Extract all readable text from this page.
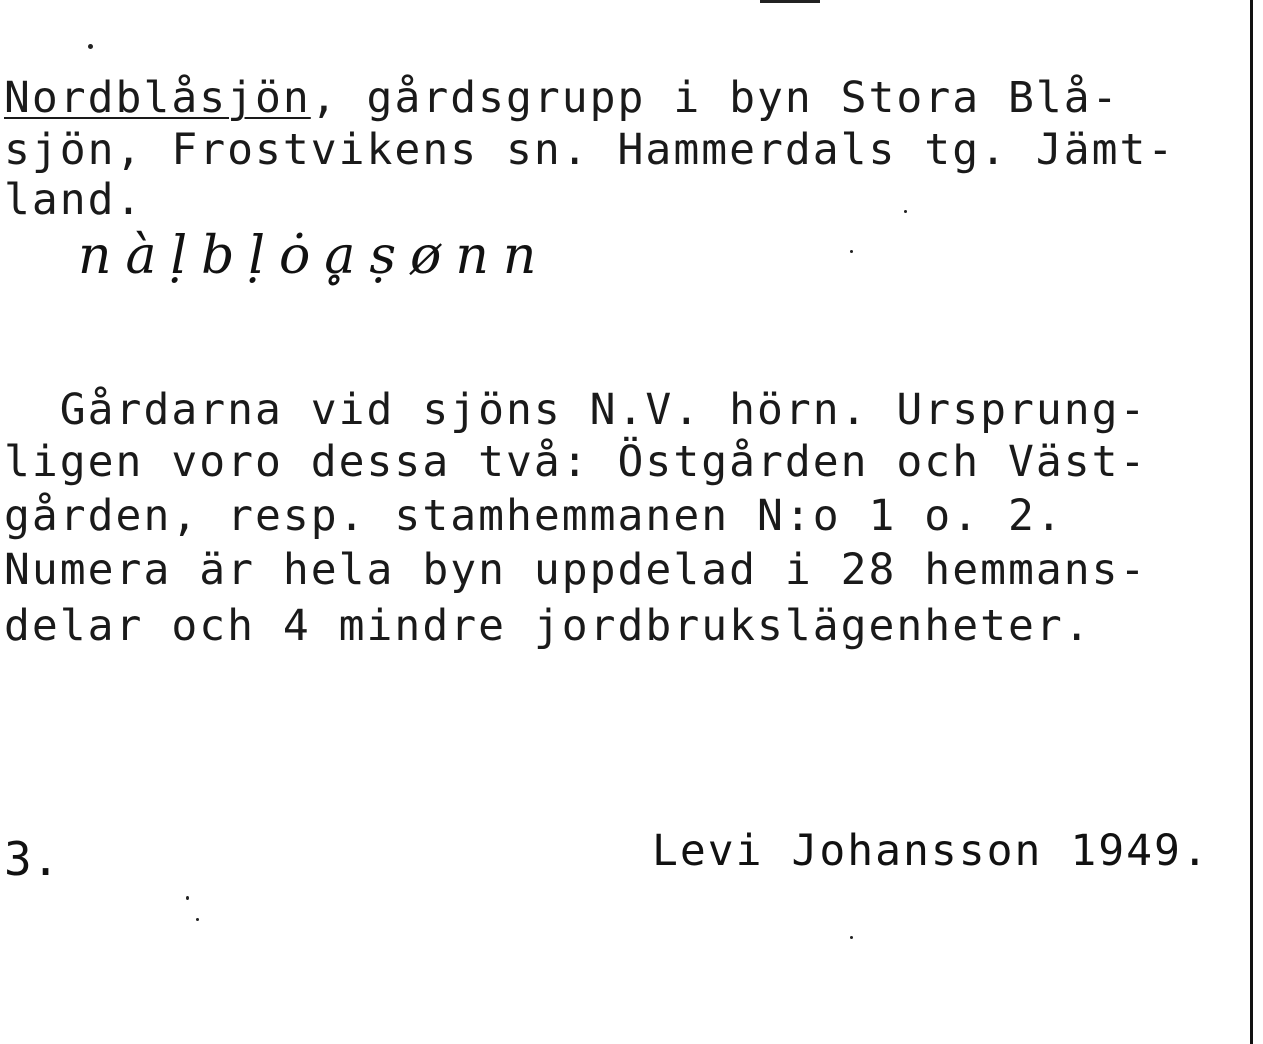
Nordblåsjön, gårdsgrupp i byn Stora Blå-

sjön, Frostvikens sn. Hammerdals tg. Jämt-

land.

nàḷbḷȯḁṣønn

Gårdarna vid sjöns N.V. hörn. Ursprung-

ligen voro dessa två: Östgården och Väst-

gården, resp. stamhemmanen N:o 1 o. 2.

Numera är hela byn uppdelad i 28 hemmans-

delar och 4 mindre jordbrukslägenheter.

3.	Levi Johansson 1949.
